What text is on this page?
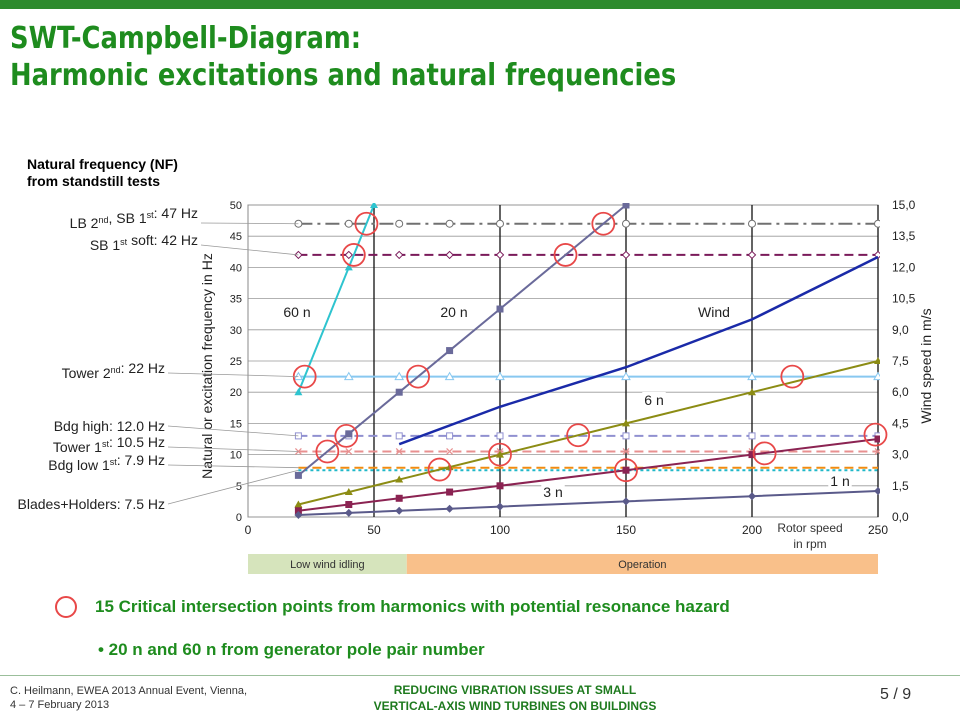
SWT-Campbell-Diagram:
Harmonic excitations and natural frequencies
Natural frequency (NF)
from standstill tests
0
5
10
15
20
25
30
35
40
45
50
0	50	100	150	200	250
0,0
1,5
3,0
4,5
6,0
7,5
9,0
10,5
12,0
13,5
15,0
Natural or excitation frequency in Hz	Wind speed in m/s
Rotor speed
in rpm
60 n	20 n
6 n
3 n
1 n
Wind
LB 2nd, SB 1st: 47 Hz
SB 1st soft: 42 Hz
Tower 2nd: 22 Hz
Bdg high: 12.0 Hz
Tower 1st: 10.5 Hz
Bdg low 1st: 7.9 Hz
Blades+Holders: 7.5 Hz
Low wind idling	Operation
15 Critical intersection points from harmonics with potential resonance hazard
• 20 n and 60 n from generator pole pair number
C. Heilmann, EWEA 2013 Annual Event, Vienna,
4 – 7 February 2013
REDUCING VIBRATION ISSUES AT SMALL
VERTICAL-AXIS WIND TURBINES ON BUILDINGS
5 / 9
